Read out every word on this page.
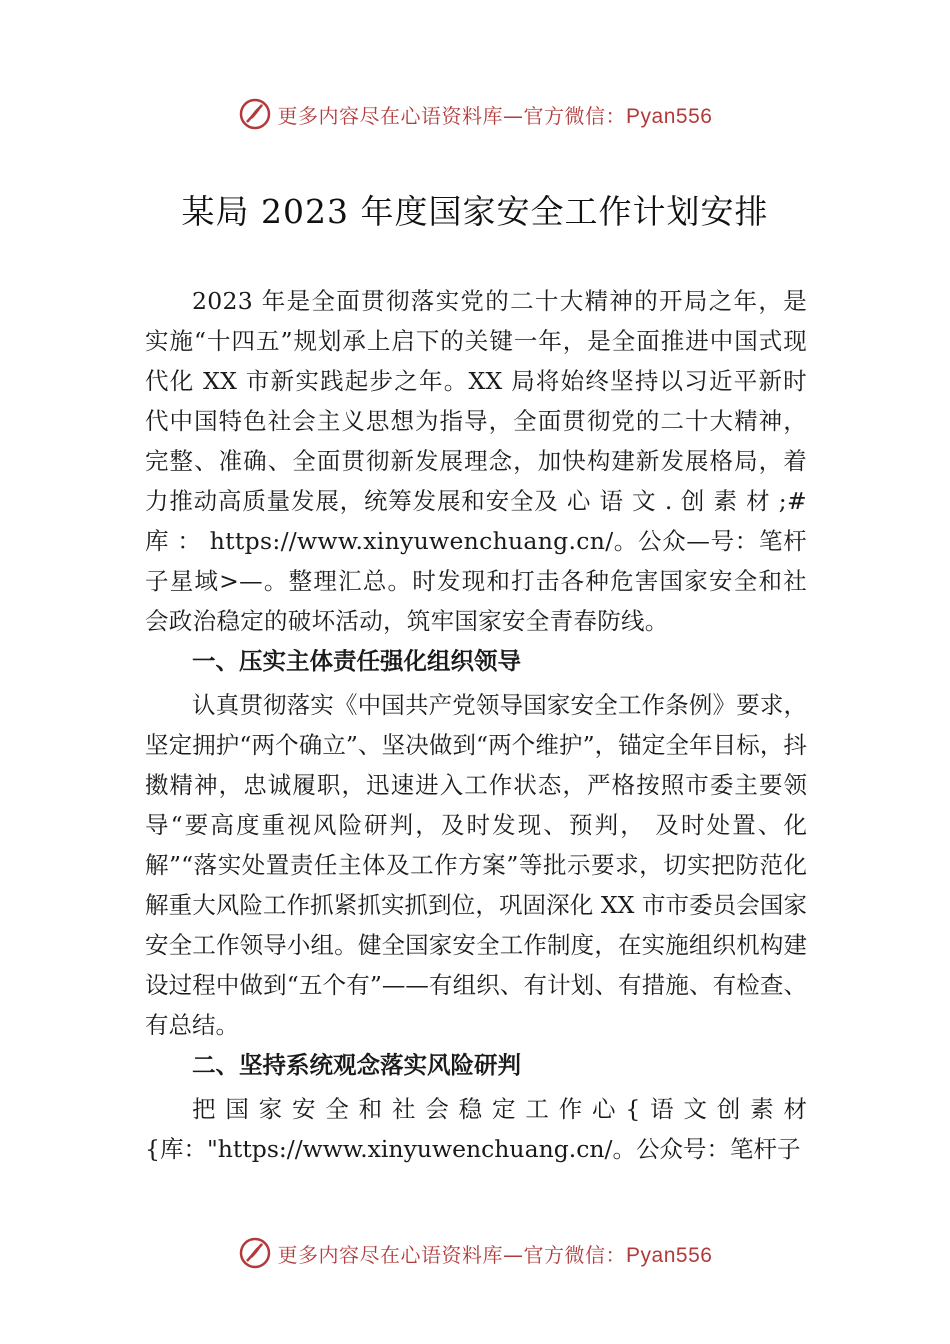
更多内容尽在心语资料库—官方微信：Pyan556
某局 2023 年度国家安全工作计划安排

2023 年是全面贯彻落实党的二十大精神的开局之年，是实施“十四五”规划承上启下的关键一年，是全面推进中国式现代化 XX 市新实践起步之年。XX 局将始终坚持以习近平新时代中国特色社会主义思想为指导，全面贯彻党的二十大精神，完整、准确、全面贯彻新发展理念，加快构建新发展格局，着力推动高质量发展，统筹发展和安全及 心 语 文 . 创 素 材 ;# 库 ： https://www.xinyuwenchuang.cn/。公众—号：笔杆子星域>—。整理汇总。时发现和打击各种危害国家安全和社会政治稳定的破坏活动，筑牢国家安全青春防线。

一、压实主体责任强化组织领导

认真贯彻落实《中国共产党领导国家安全工作条例》要求，坚定拥护“两个确立”、坚决做到“两个维护”，锚定全年目标，抖擞精神，忠诚履职，迅速进入工作状态，严格按照市委主要领导“要高度重视风险研判，及时发现、预判， 及时处置、化解”“落实处置责任主体及工作方案”等批示要求，切实把防范化解重大风险工作抓紧抓实抓到位，巩固深化 XX 市市委员会国家安全工作领导小组。健全国家安全工作制度，在实施组织机构建设过程中做到“五个有”——有组织、有计划、有措施、有检查、有总结。

二、坚持系统观念落实风险研判

把国家安全和社会稳定工作心{语文创素材{库："https://www.xinyuwenchuang.cn/。公众号：笔杆子

更多内容尽在心语资料库—官方微信：Pyan556
